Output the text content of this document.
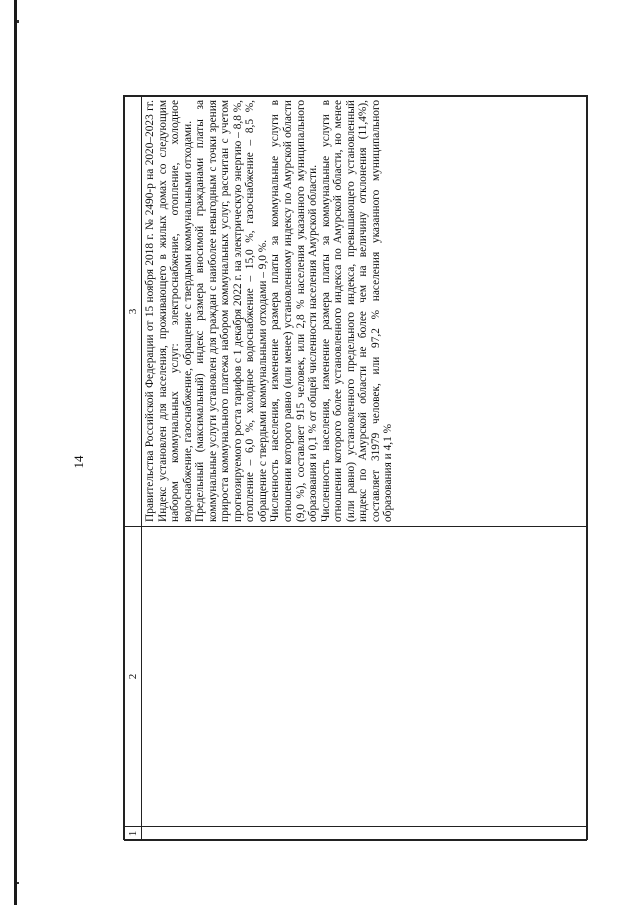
14
1	2	3

		Правительства Российской Федерации от 15 ноября 2018 г. № 2490-р на 2020–2023 гг. Индекс установлен для населения, проживающего в жилых домах со следующим набором коммунальных услуг: электроснабжение, отопление, холодное водоснабжение, газоснабжение, обращение с твердыми коммунальными отходами. Предельный (максимальный) индекс размера вносимой гражданами платы за коммунальные услуги установлен для граждан с наиболее невыгодным с точки зрения прироста коммунального платежа набором коммунальных услуг, рассчитан с учетом прогнозируемого роста тарифов с 1 декабря 2022 г. на электрическую энергию – 8,8 %, отопление – 6,0 %, холодное водоснабжение – 15,0 %, газоснабжение – 8,5 %, обращение с твердыми коммунальными отходами – 9,0 %. Численность населения, изменение размера платы за коммунальные услуги в отношении которого равно (или менее) установленному индексу по Амурской области (9,0 %), составляет 915 человек, или 2,8 % населения указанного муниципального образования и 0,1 % от общей численности населения Амурской области. Численность населения, изменение размера платы за коммунальные услуги в отношении которого более установленного индекса по Амурской области, но менее (или равно) установленного предельного индекса, превышающего установленный индекс по Амурской области не более чем на величину отклонения (11,4%), составляет 31979 человек, или 97,2 % населения указанного муниципального образования и 4,1 %
